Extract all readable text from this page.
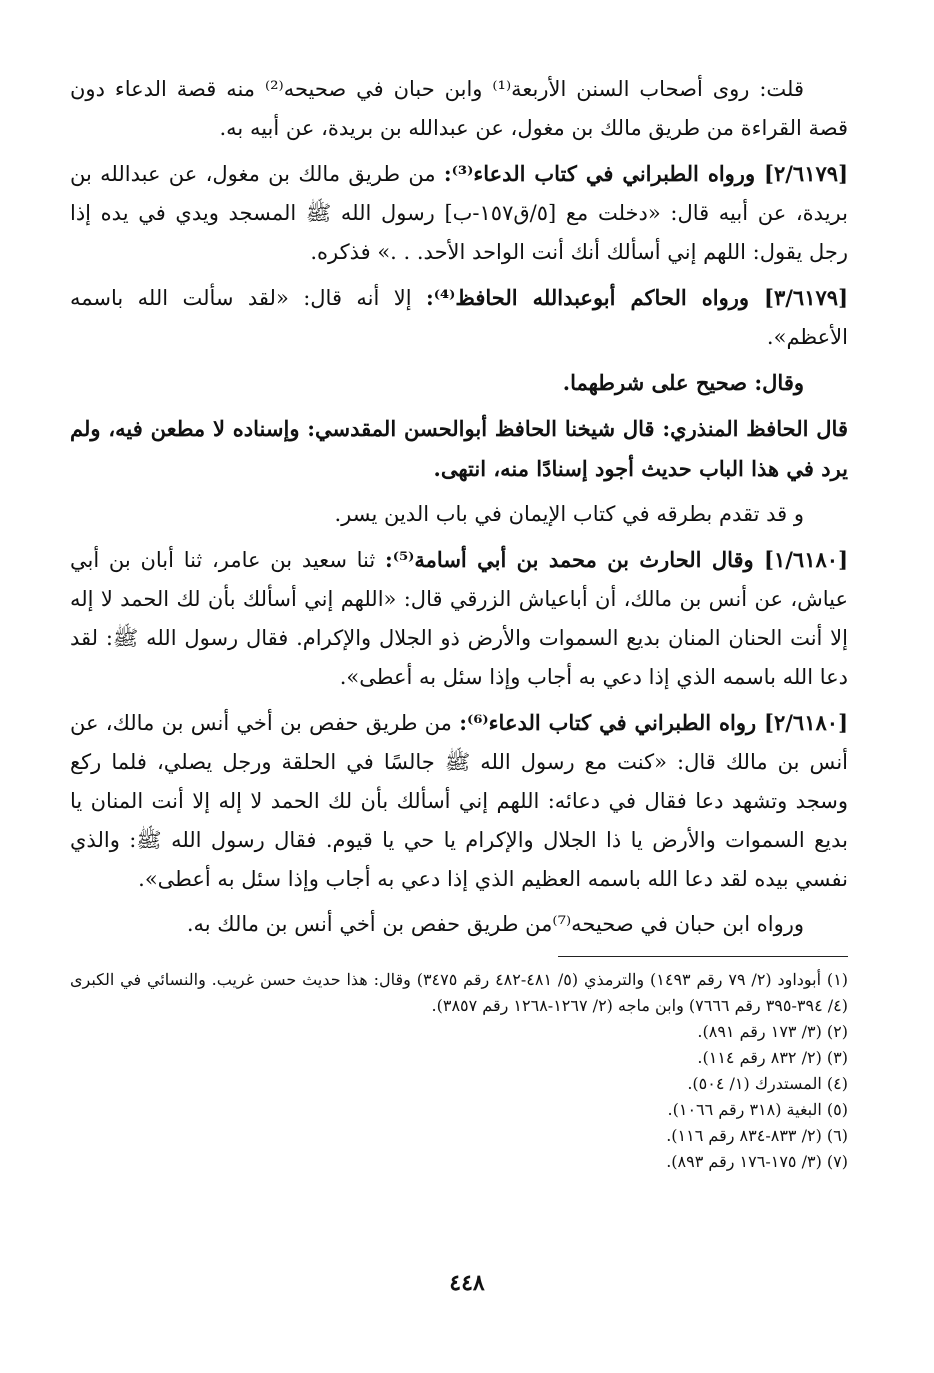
قلت: روى أصحاب السنن الأربعة⁽¹⁾ وابن حبان في صحيحه⁽²⁾ منه قصة الدعاء دون قصة القراءة من طريق مالك بن مغول، عن عبدالله بن بريدة، عن أبيه به.

[٢/٦١٧٩] ورواه الطبراني في كتاب الدعاء⁽³⁾: من طريق مالك بن مغول، عن عبدالله بن بريدة، عن أبيه قال: «دخلت مع [٥/ق١٥٧-ب] رسول الله ﷺ المسجد ويدي في يده إذا رجل يقول: اللهم إني أسألك أنك أنت الواحد الأحد. . .» فذكره.

[٣/٦١٧٩] ورواه الحاكم أبوعبدالله الحافظ⁽⁴⁾: إلا أنه قال: «لقد سألت الله باسمه الأعظم».

وقال: صحيح على شرطهما.

قال الحافظ المنذري: قال شيخنا الحافظ أبوالحسن المقدسي: وإسناده لا مطعن فيه، ولم يرد في هذا الباب حديث أجود إسنادًا منه، انتهى.

و قد تقدم بطرقه في كتاب الإيمان في باب الدين يسر.

[١/٦١٨٠] وقال الحارث بن محمد بن أبي أسامة⁽⁵⁾: ثنا سعيد بن عامر، ثنا أبان بن أبي عياش، عن أنس بن مالك، أن أباعياش الزرقي قال: «اللهم إني أسألك بأن لك الحمد لا إله إلا أنت الحنان المنان بديع السموات والأرض ذو الجلال والإكرام. فقال رسول الله ﷺ: لقد دعا الله باسمه الذي إذا دعي به أجاب وإذا سئل به أعطى».

[٢/٦١٨٠] رواه الطبراني في كتاب الدعاء⁽⁶⁾: من طريق حفص بن أخي أنس بن مالك، عن أنس بن مالك قال: «كنت مع رسول الله ﷺ جالسًا في الحلقة ورجل يصلي، فلما ركع وسجد وتشهد دعا فقال في دعائه: اللهم إني أسألك بأن لك الحمد لا إله إلا أنت المنان يا بديع السموات والأرض يا ذا الجلال والإكرام يا حي يا قيوم. فقال رسول الله ﷺ: والذي نفسي بيده لقد دعا الله باسمه العظيم الذي إذا دعي به أجاب وإذا سئل به أعطى».

ورواه ابن حبان في صحيحه⁽⁷⁾من طريق حفص بن أخي أنس بن مالك به.

(١) أبوداود (٢/ ٧٩ رقم ١٤٩٣) والترمذي (٥/ ٤٨١-٤٨٢ رقم ٣٤٧٥) وقال: هذا حديث حسن غريب. والنسائي في الكبرى (٤/ ٣٩٤-٣٩٥ رقم ٧٦٦٦) وابن ماجه (٢/ ١٢٦٧-١٢٦٨ رقم ٣٨٥٧).

(٢) (٣/ ١٧٣ رقم ٨٩١).

(٣) (٢/ ٨٣٢ رقم ١١٤).

(٤) المستدرك (١/ ٥٠٤).

(٥) البغية (٣١٨ رقم ١٠٦٦).

(٦) (٢/ ٨٣٣-٨٣٤ رقم ١١٦).

(٧) (٣/ ١٧٥-١٧٦ رقم ٨٩٣).

٤٤٨
